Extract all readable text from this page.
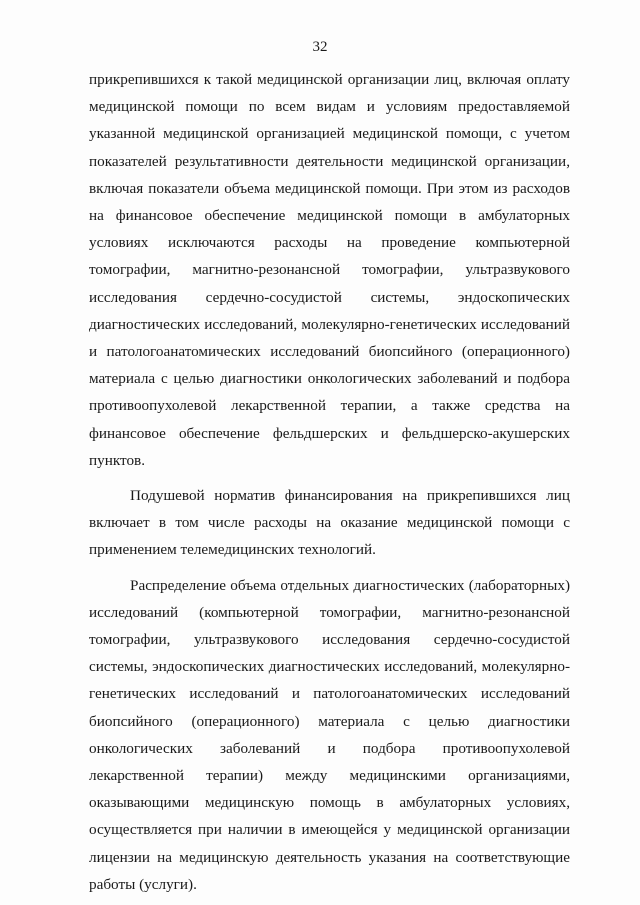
32

прикрепившихся к такой медицинской организации лиц, включая оплату медицинской помощи по всем видам и условиям предоставляемой указанной медицинской организацией медицинской помощи, с учетом показателей результативности деятельности медицинской организации, включая показатели объема медицинской помощи. При этом из расходов на финансовое обеспечение медицинской помощи в амбулаторных условиях исключаются расходы на проведение компьютерной томографии, магнитно-резонансной томографии, ультразвукового исследования сердечно-сосудистой системы, эндоскопических диагностических исследований, молекулярно-генетических исследований и патологоанатомических исследований биопсийного (операционного) материала с целью диагностики онкологических заболеваний и подбора противоопухолевой лекарственной терапии, а также средства на финансовое обеспечение фельдшерских и фельдшерско-акушерских пунктов.

Подушевой норматив финансирования на прикрепившихся лиц включает в том числе расходы на оказание медицинской помощи с применением телемедицинских технологий.

Распределение объема отдельных диагностических (лабораторных) исследований (компьютерной томографии, магнитно-резонансной томографии, ультразвукового исследования сердечно-сосудистой системы, эндоскопических диагностических исследований, молекулярно-генетических исследований и патологоанатомических исследований биопсийного (операционного) материала с целью диагностики онкологических заболеваний и подбора противоопухолевой лекарственной терапии) между медицинскими организациями, оказывающими медицинскую помощь в амбулаторных условиях, осуществляется при наличии в имеющейся у медицинской организации лицензии на медицинскую деятельность указания на соответствующие работы (услуги).
